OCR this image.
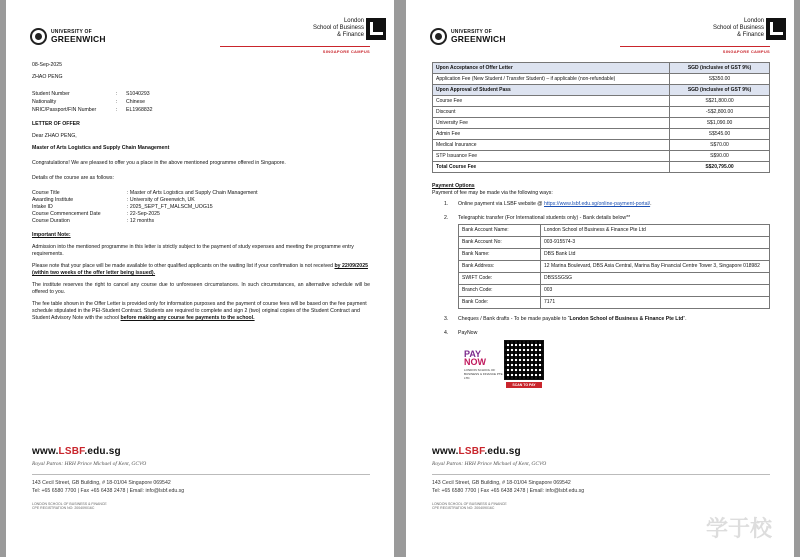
UNIVERSITY OF
GREENWICH
London
School of Business
& Finance
SINGAPORE CAMPUS

08-Sep-2025

ZHAO PENG

Student Number	:	S1040293
Nationality	:	Chinese
NRIC/Passport/FIN Number	:	EL1968832

LETTER OF OFFER

Dear ZHAO PENG,

Master of Arts Logistics and Supply Chain Management

Congratulations! We are pleased to offer you a place in the above mentioned programme offered in Singapore.

Details of the course are as follows:

Course Title	: Master of Arts Logistics and Supply Chain Management
Awarding Institute	: University of Greenwich, UK
Intake ID	: 2025_SEPT_FT_MALSCM_UOG15
Course Commencement Date	: 22-Sep-2025
Course Duration	: 12 months

Important Note:

Admission into the mentioned programme in this letter is strictly subject to the payment of study expenses and meeting the programme entry requirements.

Please note that your place will be made available to other qualified applicants on the waiting list if your confirmation is not received by 22/09/2025 (within two weeks of the offer letter being issued).

The institute reserves the right to cancel any course due to unforeseen circumstances. In such circumstances, an alternative schedule will be offered to you.

The fee table shown in the Offer Letter is provided only for information purposes and the payment of course fees will be based on the fee payment schedule stipulated in the PEI-Student Contract. Students are required to complete and sign 2 (two) original copies of the Student Contract and Student Advisory Note with the school before making any course fee payments to the school.

www.LSBF.edu.sg
Royal Patron: HRH Prince Michael of Kent, GCVO
143 Cecil Street, GB Building, # 18-01/04 Singapore 069542
Tel: +65 6580 7700 | Fax +65 6438 2478 | Email: info@lsbf.edu.sg
LONDON SCHOOL OF BUSINESS & FINANCE
CPE REGISTRATION NO: 200409016C
UNIVERSITY OF
GREENWICH
London
School of Business
& Finance
SINGAPORE CAMPUS
Upon Acceptance of Offer Letter	SGD (inclusive of GST 9%)
Application Fee (New Student / Transfer Student) – if applicable (non-refundable)	S$350.00
Upon Approval of Student Pass	SGD (inclusive of GST 9%)
Course Fee	S$21,800.00
Discount	-S$2,800.00
University Fee	S$1,090.00
Admin Fee	S$545.00
Medical Insurance	S$70.00
STP Issuance Fee	S$90.00
Total Course Fee	S$20,795.00
Payment Options
Payment of fee may be made via the following ways:
1.	Online payment via LSBF website @ https://www.lsbf.edu.sg/online-payment-portal/.
2.	Telegraphic transfer (For International students only) - Bank details below**
Bank Account Name:	London School of Business & Finance Pte Ltd
Bank Account No:	003-915574-3
Bank Name:	DBS Bank Ltd
Bank Address:	12 Marina Boulevard, DBS Asia Central, Marina Bay Financial Centre Tower 3, Singapore 018982
SWIFT Code:	DBSSSGSG
Branch Code:	003
Bank Code:	7171
3.	Cheques / Bank drafts - To be made payable to “London School of Business & Finance Pte Ltd”.
4.	PayNow
PAY
NOW
LONDON SCHOOL OF BUSINESS & FINANCE PTE. LTD.
SCAN TO PAY
www.LSBF.edu.sg
Royal Patron: HRH Prince Michael of Kent, GCVO
143 Cecil Street, GB Building, # 18-01/04 Singapore 069542
Tel: +65 6580 7700 | Fax +65 6438 2478 | Email: info@lsbf.edu.sg
LONDON SCHOOL OF BUSINESS & FINANCE
CPE REGISTRATION NO: 200409016C
学于校
